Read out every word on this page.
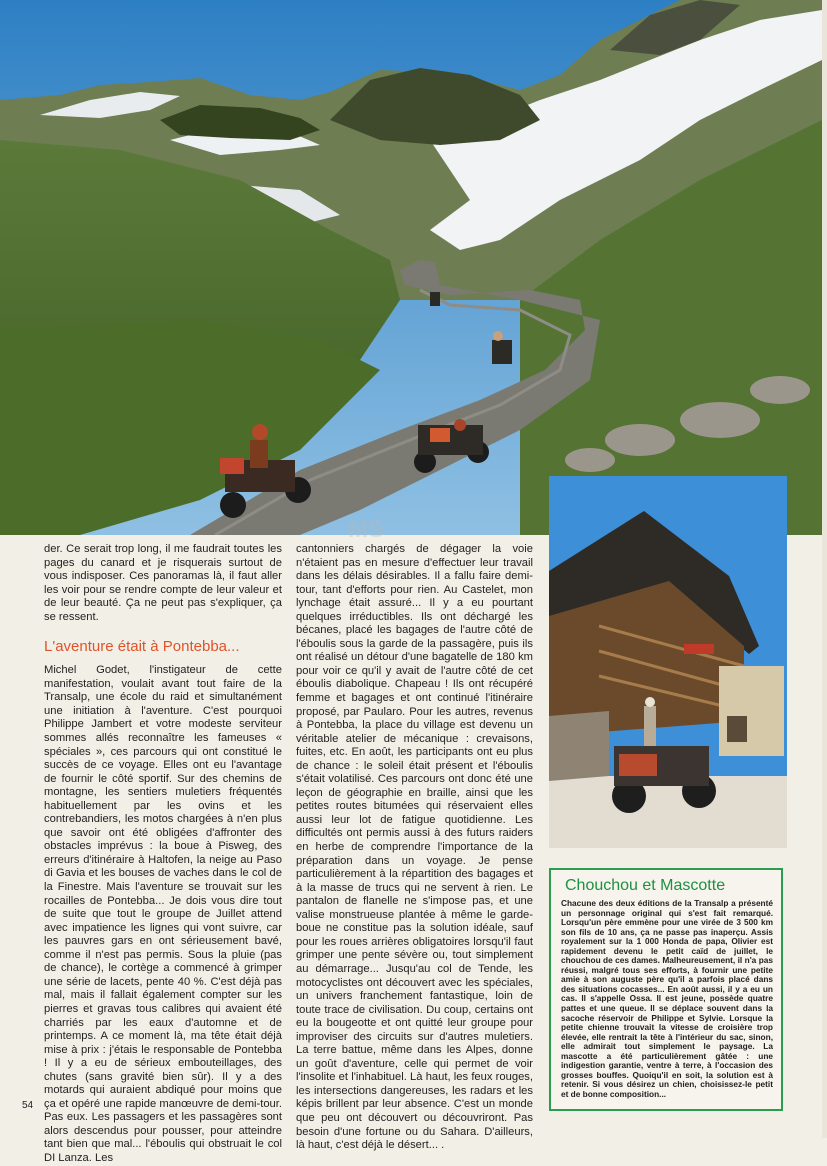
MS

der. Ce serait trop long, il me faudrait toutes les pages du canard et je risquerais surtout de vous indisposer. Ces panoramas là, il faut aller les voir pour se rendre compte de leur valeur et de leur beauté. Ça ne peut pas s'expliquer, ça se ressent.

L'aventure était à Pontebba...

Michel Godet, l'instigateur de cette manifestation, voulait avant tout faire de la Transalp, une école du raid et simultanément une initiation à l'aventure. C'est pourquoi Philippe Jambert et votre modeste serviteur sommes allés reconnaître les fameuses « spéciales », ces parcours qui ont constitué le succès de ce voyage. Elles ont eu l'avantage de fournir le côté sportif. Sur des chemins de montagne, les sentiers muletiers fréquentés habituellement par les ovins et les contrebandiers, les motos chargées à n'en plus que savoir ont été obligées d'affronter des obstacles imprévus : la boue à Pisweg, des erreurs d'itinéraire à Haltofen, la neige au Paso di Gavia et les bouses de vaches dans le col de la Finestre. Mais l'aventure se trouvait sur les rocailles de Pontebba... Je dois vous dire tout de suite que tout le groupe de Juillet attend avec impatience les lignes qui vont suivre, car les pauvres gars en ont sérieusement bavé, comme il n'est pas permis. Sous la pluie (pas de chance), le cortège a commencé à grimper une série de lacets, pente 40 %. C'est déjà pas mal, mais il fallait également compter sur les pierres et gravas tous calibres qui avaient été charriés par les eaux d'automne et de printemps. A ce moment là, ma tête était déjà mise à prix : j'étais le responsable de Pontebba ! Il y a eu de sérieux embouteillages, des chutes (sans gravité bien sûr). Il y a des motards qui auraient abdiqué pour moins que ça et opéré une rapide manœuvre de demi-tour. Pas eux. Les passagers et les passagères sont alors descendus pour pousser, pour atteindre tant bien que mal... l'éboulis qui obstruait le col DI Lanza. Les

cantonniers chargés de dégager la voie n'étaient pas en mesure d'effectuer leur travail dans les délais désirables. Il a fallu faire demi-tour, tant d'efforts pour rien. Au Castelet, mon lynchage était assuré... Il y a eu pourtant quelques irréductibles. Ils ont déchargé les bécanes, placé les bagages de l'autre côté de l'éboulis sous la garde de la passagère, puis ils ont réalisé un détour d'une bagatelle de 180 km pour voir ce qu'il y avait de l'autre côté de cet éboulis diabolique. Chapeau ! Ils ont récupéré femme et bagages et ont continué l'itinéraire proposé, par Paularo. Pour les autres, revenus à Pontebba, la place du village est devenu un véritable atelier de mécanique : crevaisons, fuites, etc. En août, les participants ont eu plus de chance : le soleil était présent et l'éboulis s'était volatilisé. Ces parcours ont donc été une leçon de géographie en braille, ainsi que les petites routes bitumées qui réservaient elles aussi leur lot de fatigue quotidienne. Les difficultés ont permis aussi à des futurs raiders en herbe de comprendre l'importance de la préparation dans un voyage. Je pense particulièrement à la répartition des bagages et à la masse de trucs qui ne servent à rien. Le pantalon de flanelle ne s'impose pas, et une valise monstrueuse plantée à même le garde-boue ne constitue pas la solution idéale, sauf pour les roues arrières obligatoires lorsqu'il faut grimper une pente sévère ou, tout simplement au démarrage... Jusqu'au col de Tende, les motocyclistes ont découvert avec les spéciales, un univers franchement fantastique, loin de toute trace de civilisation. Du coup, certains ont eu la bougeotte et ont quitté leur groupe pour improviser des circuits sur d'autres muletiers. La terre battue, même dans les Alpes, donne un goût d'aventure, celle qui permet de voir l'insolite et l'inhabituel. Là haut, les feux rouges, les intersections dangereuses, les radars et les képis brillent par leur absence. C'est un monde que peu ont découvert ou découvriront. Pas besoin d'une fortune ou du Sahara. D'ailleurs, là haut, c'est déjà le désert... .

Chouchou et Mascotte

Chacune des deux éditions de la Transalp a présenté un personnage original qui s'est fait remarqué. Lorsqu'un père emmène pour une virée de 3 500 km son fils de 10 ans, ça ne passe pas inaperçu. Assis royalement sur la 1 000 Honda de papa, Olivier est rapidement devenu le petit caïd de juillet, le chouchou de ces dames. Malheureusement, il n'a pas réussi, malgré tous ses efforts, à fournir une petite amie à son auguste père qu'il a parfois placé dans des situations cocasses... En août aussi, il y a eu un cas. Il s'appelle Ossa. Il est jeune, possède quatre pattes et une queue. Il se déplace souvent dans la sacoche réservoir de Philippe et Sylvie. Lorsque la petite chienne trouvait la vitesse de croisière trop élevée, elle rentrait la tête à l'intérieur du sac, sinon, elle admirait tout simplement le paysage. La mascotte a été particulièrement gâtée : une indigestion garantie, ventre à terre, à l'occasion des grosses bouffes. Quoiqu'il en soit, la solution est à retenir. Si vous désirez un chien, choisissez-le petit et de bonne composition...

54
